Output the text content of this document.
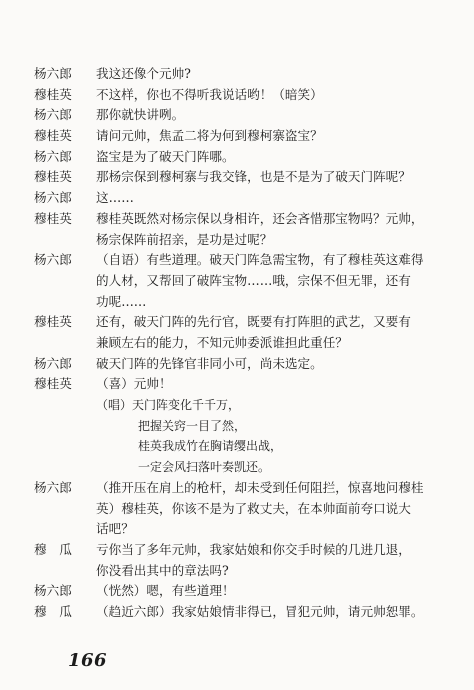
杨六郎 我这还像个元帅?
穆桂英 不这样，你也不得听我说话哟！（暗笑）
杨六郎 那你就快讲咧。
穆桂英 请问元帅，焦孟二将为何到穆柯寨盗宝？
杨六郎 盗宝是为了破天门阵哪。
穆桂英 那杨宗保到穆柯寨与我交锋，也是不是为了破天门阵呢？
杨六郎 这……
穆桂英 穆桂英既然对杨宗保以身相许，还会吝惜那宝物吗？元帅，
杨宗保阵前招亲，是功是过呢？
杨六郎 （自语）有些道理。破天门阵急需宝物，有了穆桂英这难得
的人材，又帮回了破阵宝物……哦，宗保不但无罪，还有
功呢……
穆桂英 还有，破天门阵的先行官，既要有打阵胆的武艺，又要有
兼顾左右的能力，不知元帅委派谁担此重任？
杨六郎 破天门阵的先锋官非同小可，尚未选定。
穆桂英 （喜）元帅！
（唱）天门阵变化千千万，
把握关窍一目了然，
桂英我成竹在胸请缨出战，
一定会风扫落叶奏凯还。
杨六郎 （推开压在肩上的枪杆，却未受到任何阻拦，惊喜地问穆桂
英）穆桂英，你该不是为了救丈夫，在本帅面前夸口说大
话吧？
穆　瓜 亏你当了多年元帅，我家姑娘和你交手时候的几进几退，
你没看出其中的章法吗?
杨六郎 （恍然）嗯，有些道理！
穆　瓜 （趋近六郎）我家姑娘情非得已，冒犯元帅，请元帅恕罪。
166
